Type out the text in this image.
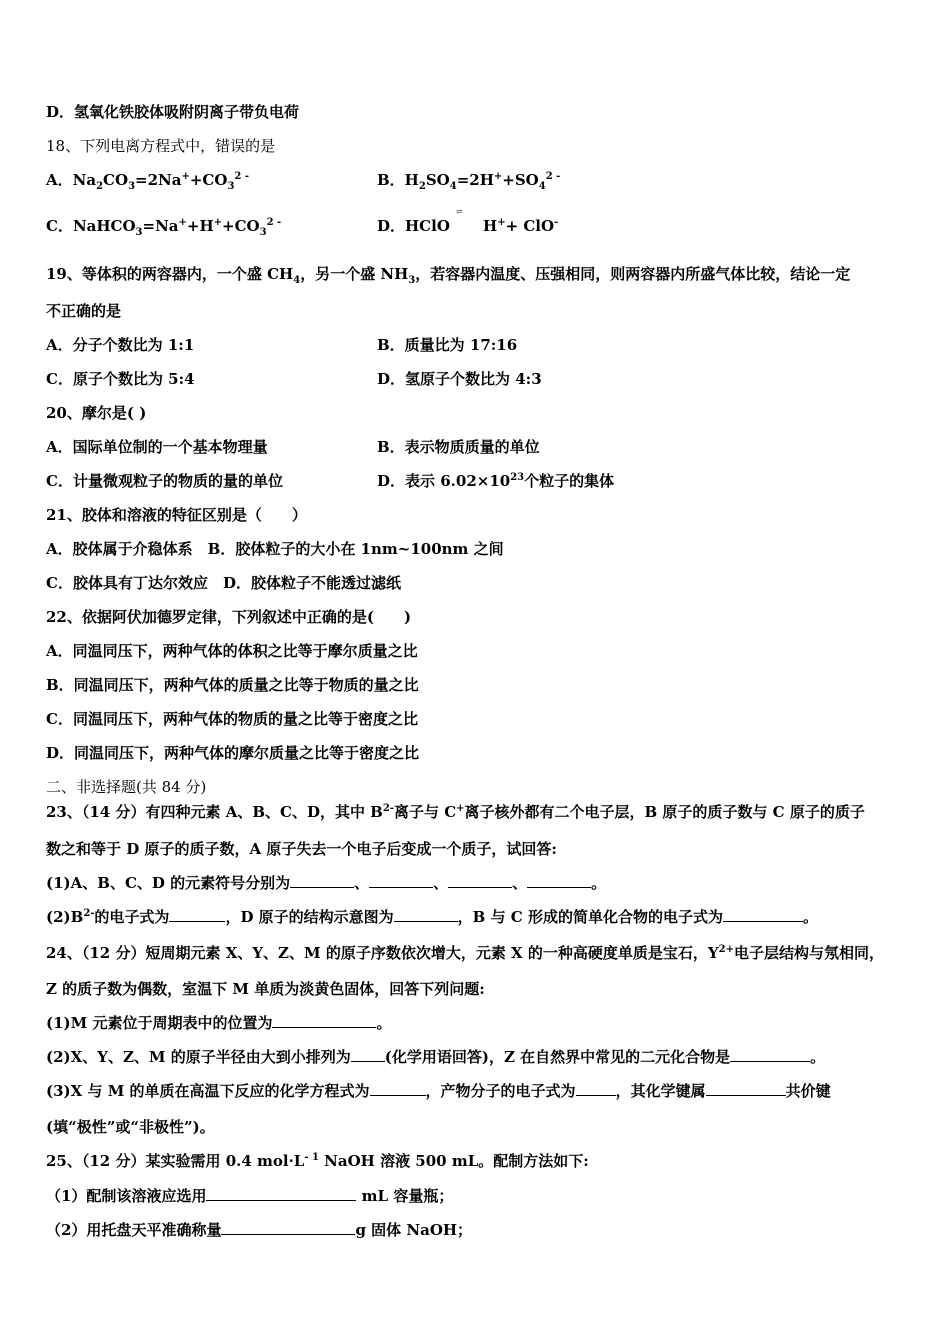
D．氢氧化铁胶体吸附阴离子带负电荷
18、下列电离方程式中，错误的是
A．$Na_2CO_3=2Na^++CO_3^{2 -}$	B．$H_2SO_4=2H^++SO_4^{2 -}$
C．$NaHCO_3=Na^++H^++CO_3^{2 -}$	D．HClO
⇌
H++ ClO-
19、等体积的两容器内，一个盛 $CH_4$，另一个盛 $NH_3$，若容器内温度、压强相同，则两容器内所盛气体比较，结论一定
不正确的是
A．分子个数比为 1:1	B．质量比为 17:16
C．原子个数比为 5:4	D．氢原子个数比为 4:3
20、摩尔是( )
A．国际单位制的一个基本物理量	B．表示物质质量的单位
C．计量微观粒子的物质的量的单位	D．表示 $6.02\times 10^{23}$个粒子的集体
21、胶体和溶液的特征区别是（　　）
A．胶体属于介稳体系　B．胶体粒子的大小在 1nm~100nm 之间
C．胶体具有丁达尔效应　D．胶体粒子不能透过滤纸
22、依据阿伏加德罗定律，下列叙述中正确的是(　　)
A．同温同压下，两种气体的体积之比等于摩尔质量之比
B．同温同压下，两种气体的质量之比等于物质的量之比
C．同温同压下，两种气体的物质的量之比等于密度之比
D．同温同压下，两种气体的摩尔质量之比等于密度之比
二、非选择题(共 84 分)
23、（14 分）有四种元素 A、B、C、D，其中 $B^{2-}$离子与 C+离子核外都有二个电子层，B 原子的质子数与 C 原子的质子
数之和等于 D 原子的质子数，A 原子失去一个电子后变成一个质子，试回答:
(1)A、B、C、D 的元素符号分别为	、	、	、	。
$(2)B^{2-}$的电子式为	，D 原子的结构示意图为	，B 与 C 形成的简单化合物的电子式为	。
24、（12 分）短周期元素 X、Y、Z、M 的原子序数依次增大，元素 X 的一种高硬度单质是宝石，$Y^{2+}$电子层结构与氖相同，
Z 的质子数为偶数，室温下 M 单质为淡黄色固体，回答下列问题:
(1)M 元素位于周期表中的位置为	。
(2)X、Y、Z、M 的原子半径由大到小排列为 (化学用语回答)，Z 在自然界中常见的二元化合物是	。
(3)X 与 M 的单质在高温下反应的化学方程式为	，产物分子的电子式为	，其化学键属	共价键
(填“极性”或“非极性”)。
25、（12 分）某实验需用 0.4 $mol\cdot L^{- 1}$ NaOH 溶液 500 mL。配制方法如下:
（1）配制该溶液应选用	mL 容量瓶；
（2）用托盘天平准确称量	g 固体 NaOH；
